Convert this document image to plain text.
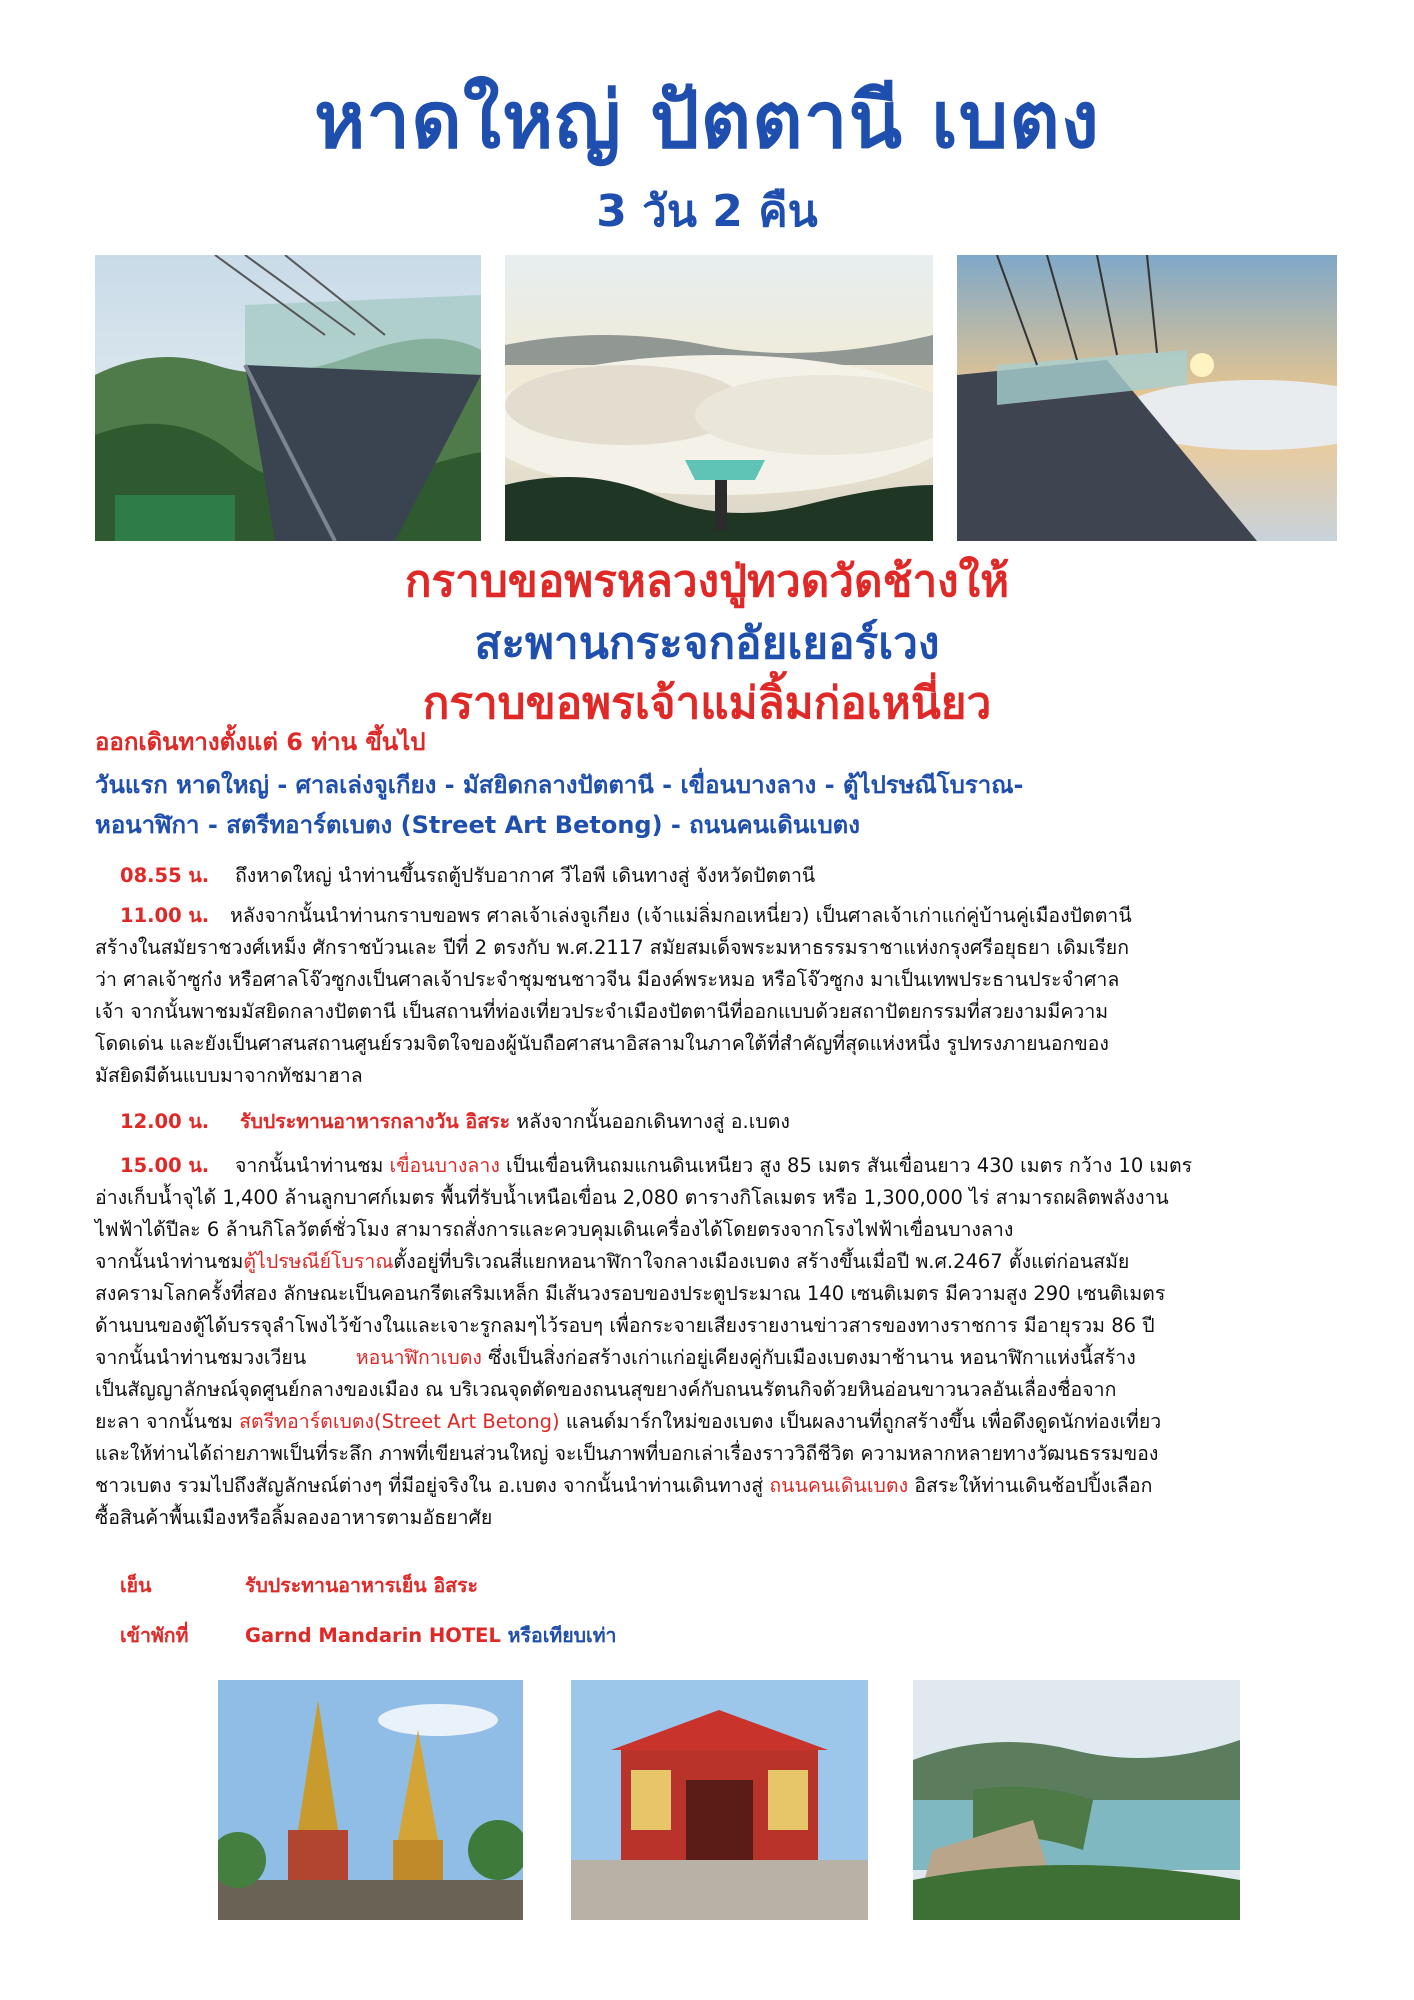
หาดใหญ่ ปัตตานี เบตง
3 วัน 2 คืน
กราบขอพรหลวงปู่ทวดวัดช้างให้
สะพานกระจกอัยเยอร์เวง
กราบขอพรเจ้าแม่ลิ้มก่อเหนี่ยว
ออกเดินทางตั้งแต่ 6 ท่าน ขึ้นไป
วันแรก หาดใหญ่ - ศาลเล่งจูเกียง - มัสยิดกลางปัตตานี - เขื่อนบางลาง - ตู้ไปรษณีโบราณ-
หอนาฬิกา - สตรีทอาร์ตเบตง (Street Art Betong) - ถนนคนเดินเบตง
08.55 น. ถึงหาดใหญ่ นำท่านขึ้นรถตู้ปรับอากาศ วีไอพี เดินทางสู่ จังหวัดปัตตานี
11.00 น. หลังจากนั้นนำท่านกราบขอพร ศาลเจ้าเล่งจูเกียง (เจ้าแม่ลิ่มกอเหนี่ยว) เป็นศาลเจ้าเก่าแก่คู่บ้านคู่เมืองปัตตานี
สร้างในสมัยราชวงศ์เหม็ง ศักราชบ้วนเละ ปีที่ 2 ตรงกับ พ.ศ.2117 สมัยสมเด็จพระมหาธรรมราชาแห่งกรุงศรีอยุธยา เดิมเรียก
ว่า ศาลเจ้าซูก๋ง หรือศาลโจ๊วซูกงเป็นศาลเจ้าประจำชุมชนชาวจีน มีองค์พระหมอ หรือโจ๊วซูกง มาเป็นเทพประธานประจำศาล
เจ้า จากนั้นพาชมมัสยิดกลางปัตตานี เป็นสถานที่ท่องเที่ยวประจำเมืองปัตตานีที่ออกแบบด้วยสถาปัตยกรรมที่สวยงามมีความ
โดดเด่น และยังเป็นศาสนสถานศูนย์รวมจิตใจของผู้นับถือศาสนาอิสลามในภาคใต้ที่สำคัญที่สุดแห่งหนึ่ง รูปทรงภายนอกของ
มัสยิดมีต้นแบบมาจากทัชมาฮาล
12.00 น. รับประทานอาหารกลางวัน อิสระ หลังจากนั้นออกเดินทางสู่ อ.เบตง
15.00 น. จากนั้นนำท่านชม เขื่อนบางลาง เป็นเขื่อนหินถมแกนดินเหนียว สูง 85 เมตร สันเขื่อนยาว 430 เมตร กว้าง 10 เมตร
อ่างเก็บน้ำจุได้ 1,400 ล้านลูกบาศก์เมตร พื้นที่รับน้ำเหนือเขื่อน 2,080 ตารางกิโลเมตร หรือ 1,300,000 ไร่ สามารถผลิตพลังงาน
ไฟฟ้าได้ปีละ 6 ล้านกิโลวัตต์ชั่วโมง สามารถสั่งการและควบคุมเดินเครื่องได้โดยตรงจากโรงไฟฟ้าเขื่อนบางลาง
จากนั้นนำท่านชมตู้ไปรษณีย์โบราณตั้งอยู่ที่บริเวณสี่แยกหอนาฬิกาใจกลางเมืองเบตง สร้างขึ้นเมื่อปี พ.ศ.2467 ตั้งแต่ก่อนสมัย
สงครามโลกครั้งที่สอง ลักษณะเป็นคอนกรีตเสริมเหล็ก มีเส้นวงรอบของประตูประมาณ 140 เซนติเมตร มีความสูง 290 เซนติเมตร
ด้านบนของตู้ได้บรรจุลำโพงไว้ข้างในและเจาะรูกลมๆไว้รอบๆ เพื่อกระจายเสียงรายงานข่าวสารของทางราชการ มีอายุรวม 86 ปี
จากนั้นนำท่านชมวงเวียน        หอนาฬิกาเบตง ซึ่งเป็นสิ่งก่อสร้างเก่าแก่อยู่เคียงคู่กับเมืองเบตงมาช้านาน หอนาฬิกาแห่งนี้สร้าง
เป็นสัญญาลักษณ์จุดศูนย์กลางของเมือง ณ บริเวณจุดตัดของถนนสุขยางค์กับถนนรัตนกิจด้วยหินอ่อนขาวนวลอันเลื่องชื่อจาก
ยะลา จากนั้นชม สตรีทอาร์ตเบตง(Street Art Betong) แลนด์มาร์กใหม่ของเบตง เป็นผลงานที่ถูกสร้างขึ้น เพื่อดึงดูดนักท่องเที่ยว
และให้ท่านได้ถ่ายภาพเป็นที่ระลึก ภาพที่เขียนส่วนใหญ่ จะเป็นภาพที่บอกเล่าเรื่องราววิถีชีวิต ความหลากหลายทางวัฒนธรรมของ
ชาวเบตง รวมไปถึงสัญลักษณ์ต่างๆ ที่มีอยู่จริงใน อ.เบตง จากนั้นนำท่านเดินทางสู่ ถนนคนเดินเบตง อิสระให้ท่านเดินช้อปปิ้งเลือก
ซื้อสินค้าพื้นเมืองหรือลิ้มลองอาหารตามอัธยาศัย
เย็น	รับประทานอาหารเย็น อิสระ
เข้าพักที่	Garnd Mandarin HOTEL หรือเทียบเท่า
